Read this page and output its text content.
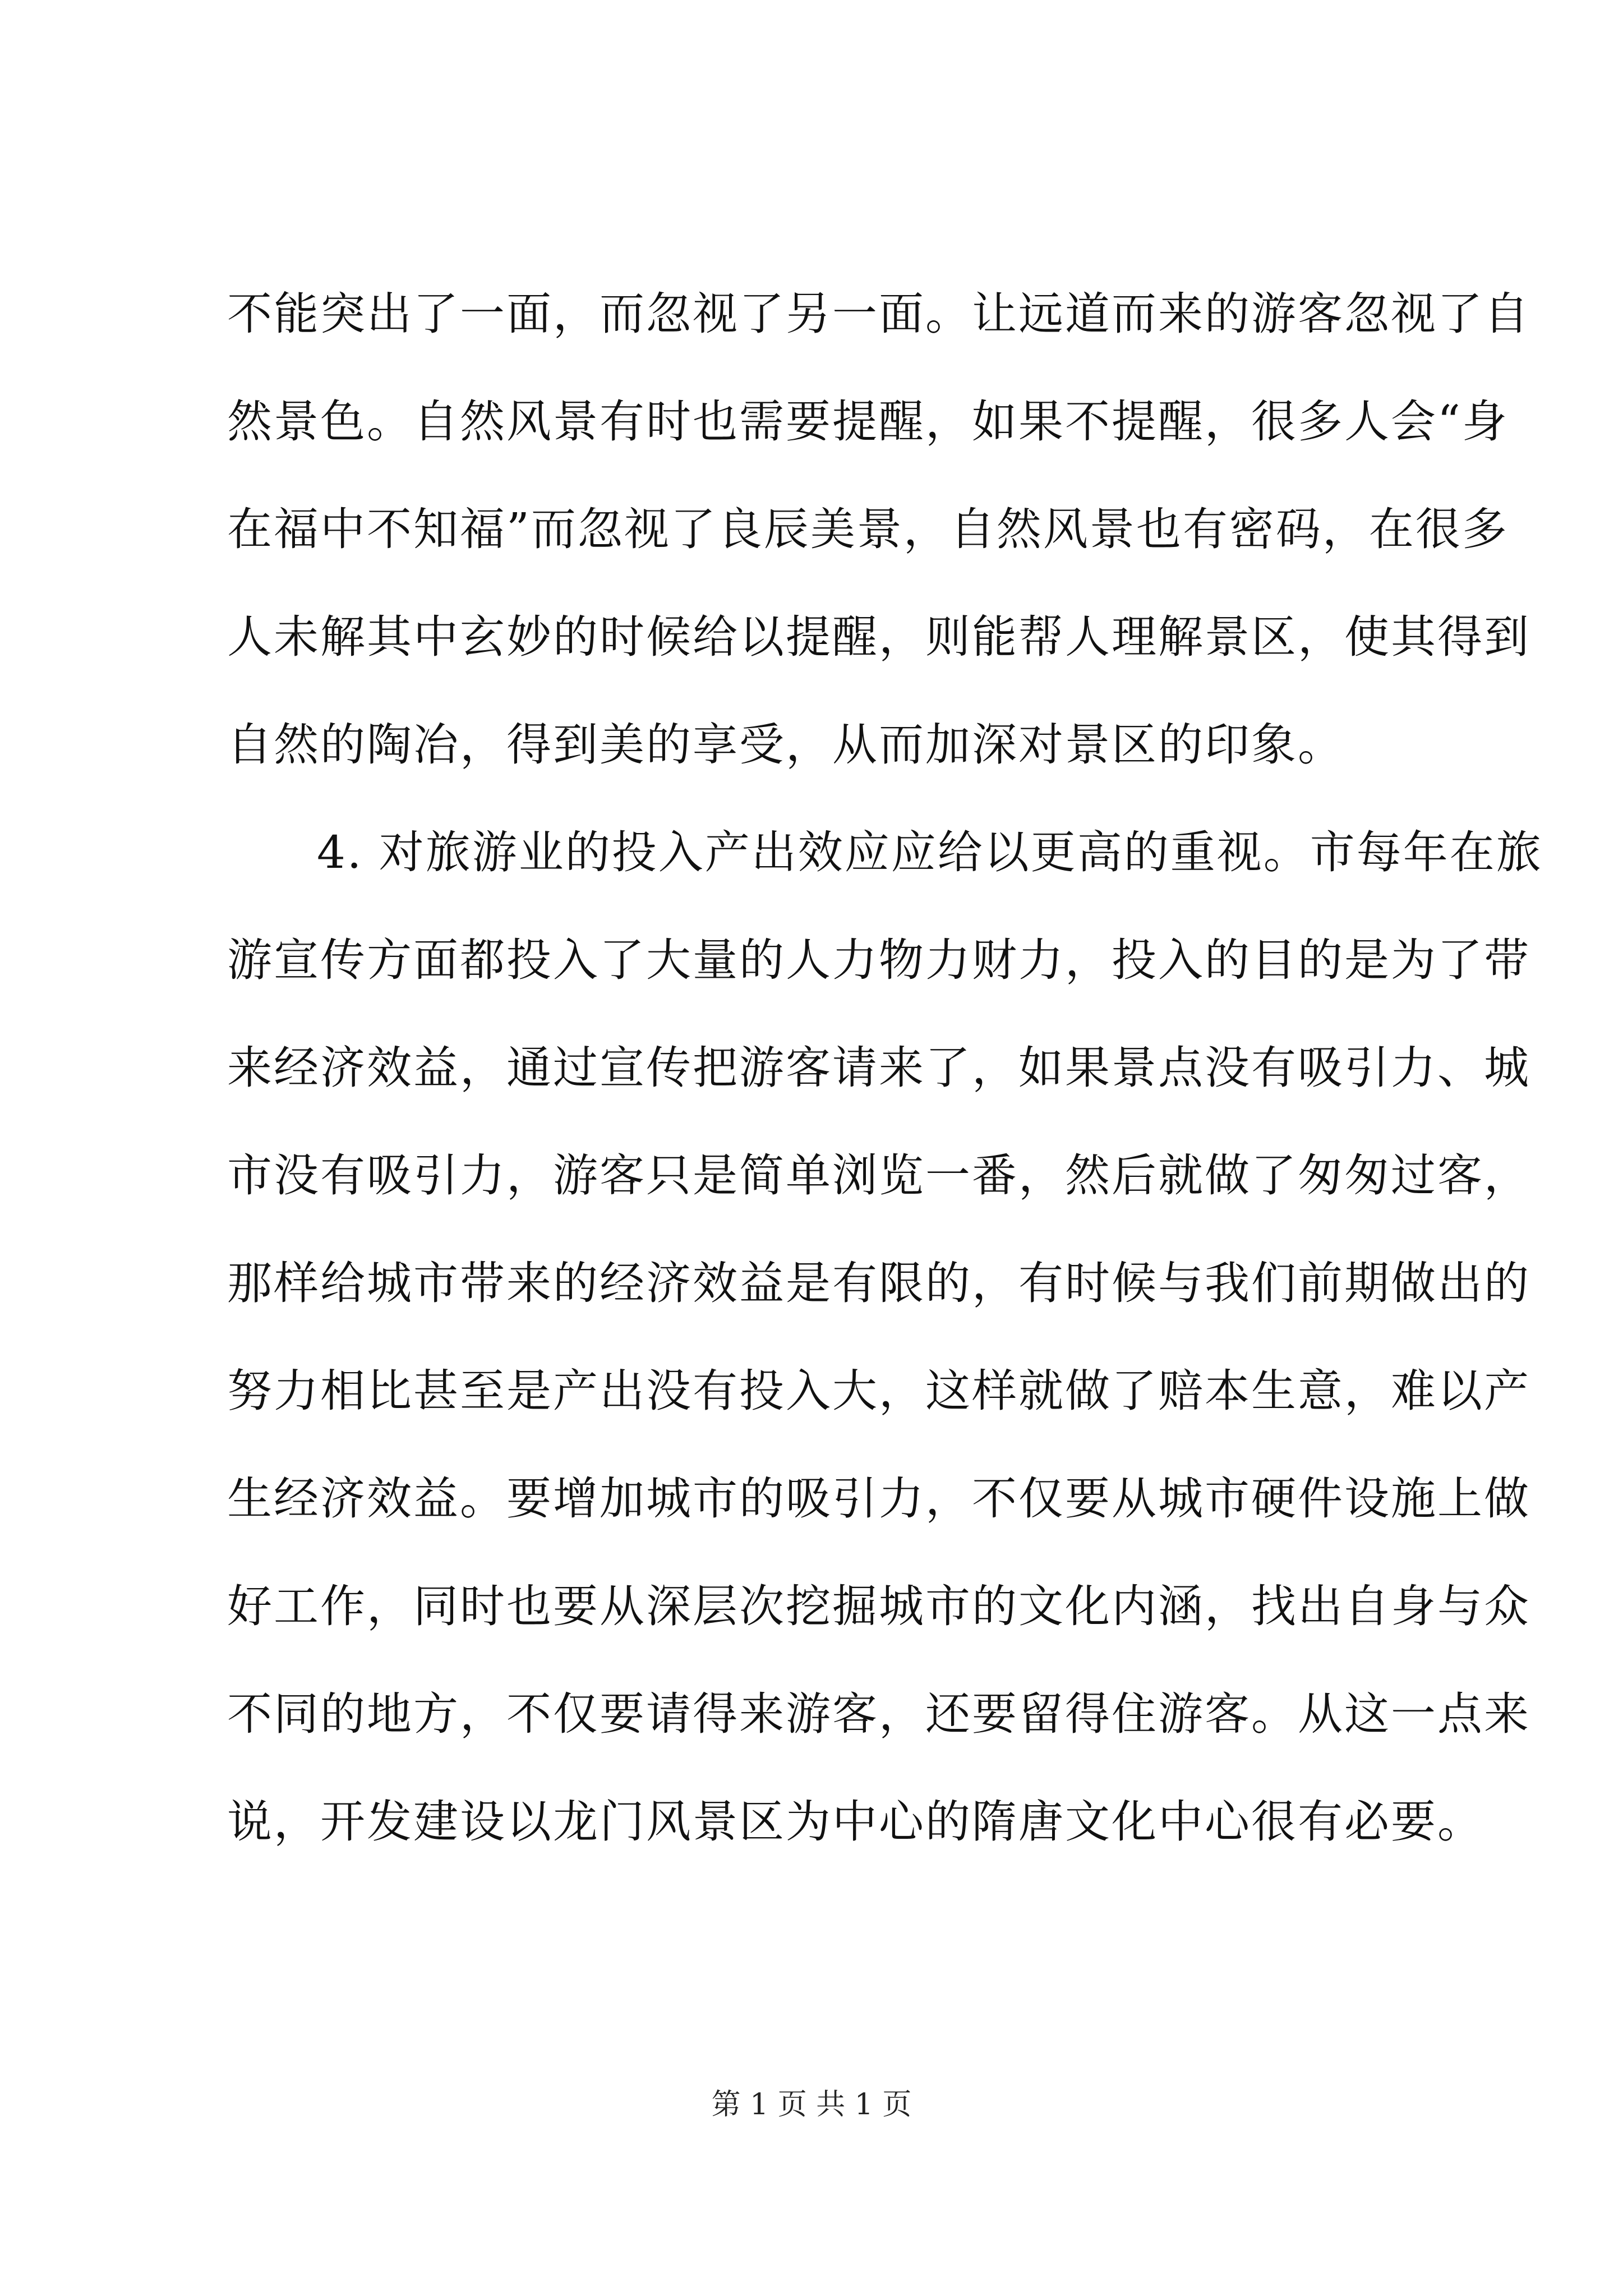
不能突出了一面，而忽视了另一面。让远道而来的游客忽视了自
然景色。自然风景有时也需要提醒，如果不提醒，很多人会“身
在福中不知福”而忽视了良辰美景，自然风景也有密码，在很多
人未解其中玄妙的时候给以提醒，则能帮人理解景区，使其得到
自然的陶冶，得到美的享受，从而加深对景区的印象。
4. 对旅游业的投入产出效应应给以更高的重视。市每年在旅
游宣传方面都投入了大量的人力物力财力，投入的目的是为了带
来经济效益，通过宣传把游客请来了，如果景点没有吸引力、城
市没有吸引力，游客只是简单浏览一番，然后就做了匆匆过客，
那样给城市带来的经济效益是有限的，有时候与我们前期做出的
努力相比甚至是产出没有投入大，这样就做了赔本生意，难以产
生经济效益。要增加城市的吸引力，不仅要从城市硬件设施上做
好工作，同时也要从深层次挖掘城市的文化内涵，找出自身与众
不同的地方，不仅要请得来游客，还要留得住游客。从这一点来
说，开发建设以龙门风景区为中心的隋唐文化中心很有必要。
第 1 页 共 1 页
